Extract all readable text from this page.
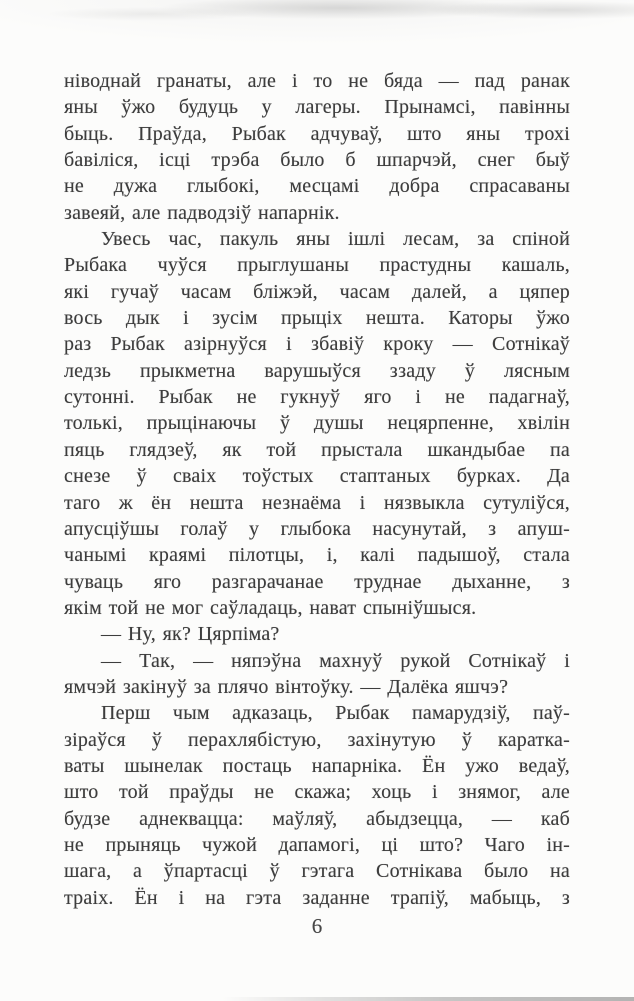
ніводнай гранаты, але і то не бяда — пад ранак
яны ўжо будуць у лагеры. Прынамсі, павінны
быць. Праўда, Рыбак адчуваў, што яны трохі
бавіліся, ісці трэба было б шпарчэй, снег быў
не дужа глыбокі, месцамі добра спрасаваны
завеяй, але падводзіў напарнік.
Увесь час, пакуль яны ішлі лесам, за спіной
Рыбака чуўся прыглушаны прастудны кашаль,
які гучаў часам бліжэй, часам далей, а цяпер
вось дык і зусім прыціх нешта. Каторы ўжо
раз Рыбак азірнуўся і збавіў кроку — Сотнікаў
ледзь прыкметна варушыўся ззаду ў лясным
сутонні. Рыбак не гукнуў яго і не падагнаў,
толькі, прыцінаючы ў душы нецярпенне, хвілін
пяць глядзеў, як той прыстала шкандыбае па
снезе ў сваіх тоўстых стаптаных бурках. Да
таго ж ён нешта незнаёма і нязвыкла сутуліўся,
апусціўшы голаў у глыбока насунутай, з апуш-
чанымі краямі пілотцы, і, калі падышоў, стала
чуваць яго разгарачанае труднае дыханне, з
якім той не мог саўладаць, нават спыніўшыся.
— Ну, як? Цярпіма?
— Так, — няпэўна махнуў рукой Сотнікаў і
ямчэй закінуў за плячо вінтоўку. — Далёка яшчэ?
Перш чым адказаць, Рыбак памарудзіў, паў-
зіраўся ў перахлябістую, захінутую ў каратка-
ваты шынелак постаць напарніка. Ён ужо ведаў,
што той праўды не скажа; хоць і знямог, але
будзе аднеквацца: маўляў, абыдзецца, — каб
не прыняць чужой дапамогі, ці што? Чаго ін-
шага, а ўпартасці ў гэтага Сотнікава было на
траіх. Ён і на гэта заданне трапіў, мабыць, з
6
